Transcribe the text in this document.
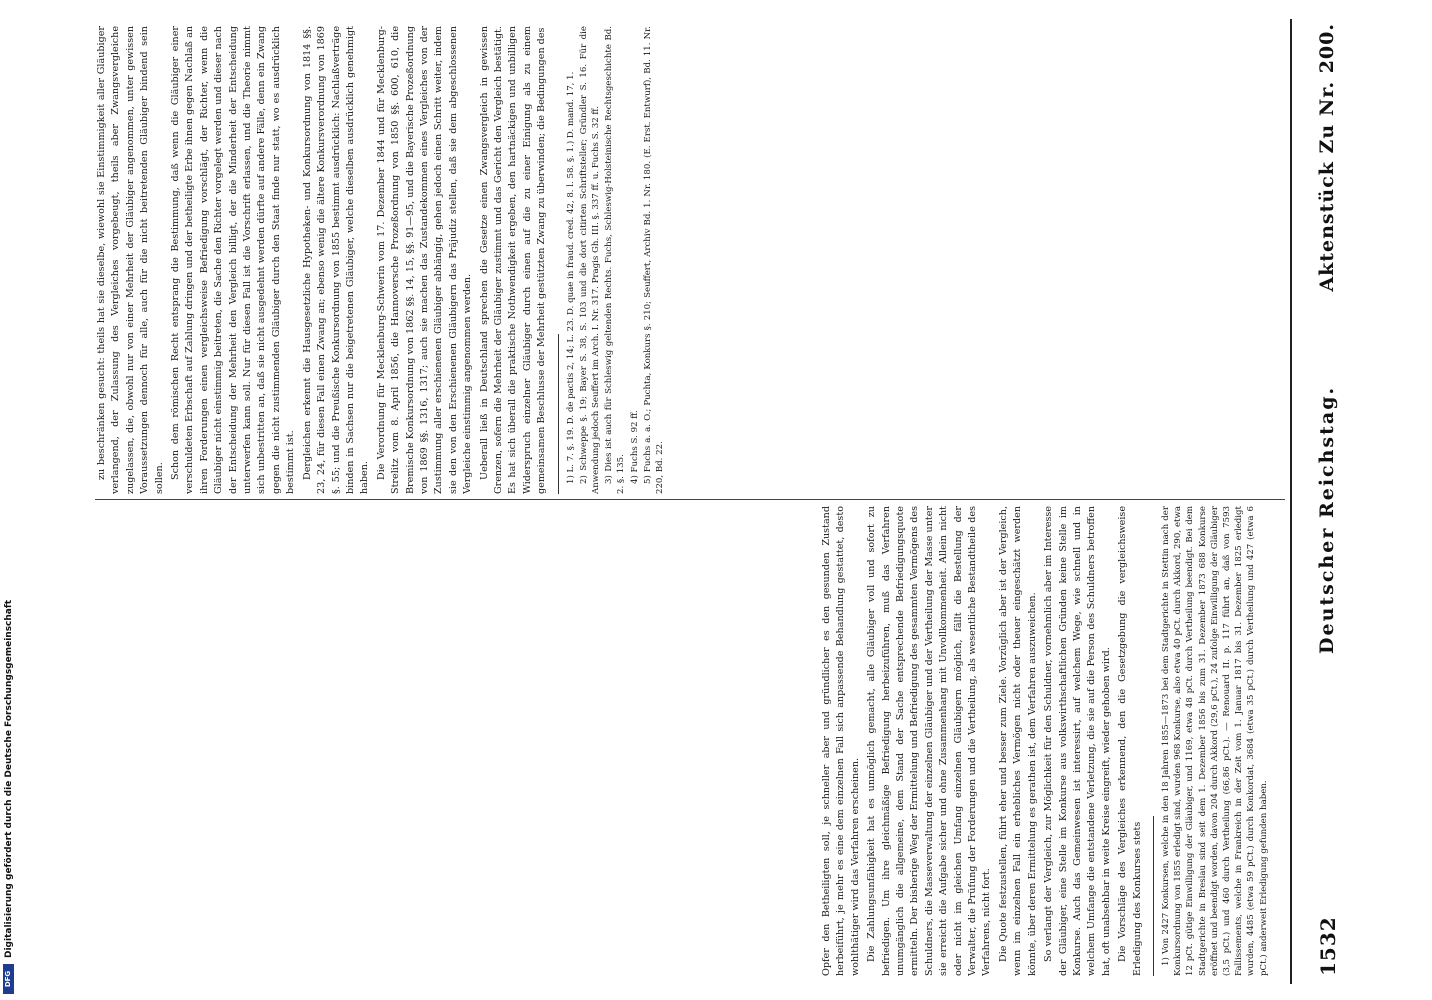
1532
Deutscher Reichstag.
Aktenstück Zu Nr. 200.

zu beschränken gesucht: theils hat sie dieselbe, wiewohl sie Einstimmigkeit aller Gläubiger verlangend, der Zulassung des Vergleiches vorgebeugt, theils aber Zwangsvergleiche zugelassen, die, obwohl nur von einer Mehrheit der Gläubiger angenommen, unter gewissen Voraussetzungen dennoch für alle, auch für die nicht beitretenden Gläubiger bindend sein sollen. Schon dem römischen Recht entsprang die Bestimmung, daß wenn die Gläubiger einer verschuldeten Erbschaft auf Zahlung dringen und der betheiligte Erbe ihnen gegen Nachlaß an ihren Forderungen einen vergleichsweise Befriedigung vorschlägt, der Richter, wenn die Gläubiger nicht einstimmig beitreten, die Sache den Richter vorgelegt werden und dieser nach der Entscheidung der Mehrheit den Vergleich billigt, der die Minderheit der Entscheidung unterwerfen kann soll. Nur für diesen Fall ist die Vorschrift erlassen, und die Theorie nimmt sich unbestritten an, daß sie nicht ausgedehnt werden dürfte auf andere Fälle, denn ein Zwang gegen die nicht zustimmenden Gläubiger durch den Staat finde nur statt, wo es ausdrücklich bestimmt ist. Dergleichen erkennt die Hausgesetzliche Hypotheken- und Konkursordnung von 1814 §§. 23, 24, für diesen Fall einen Zwang an; ebenso wenig die ältere Konkursverordnung von 1869 §. 55; und die Preußische Konkursordnung von 1855 bestimmt ausdrücklich: Nachlaßverträge binden in Sachsen nur die beigetretenen Gläubiger, welche dieselben ausdrücklich genehmigt haben. Die Verordnung für Mecklenburg-Schwerin vom 17. Dezember 1844 und für Mecklenburg-Strelitz vom 8. April 1856, die Hannoversche Prozeßordnung von 1850 §§. 600, 610, die Bremische Konkursordnung von 1862 §§. 14, 15, §§. 91—95, und die Bayerische Prozeßordnung von 1869 §§. 1316, 1317; auch sie machen das Zustandekommen eines Vergleiches von der Zustimmung aller erschienenen Gläubiger abhängig, gehen jedoch einen Schritt weiter, indem sie den von den Erschienenen Gläubigern das Präjudiz stellen, daß sie dem abgeschlossenen Vergleiche einstimmig angenommen werden. Ueberall ließ in Deutschland sprechen die Gesetze einen Zwangsvergleich in gewissen Grenzen, sofern die Mehrheit der Gläubiger zustimmt und das Gericht den Vergleich bestätigt. Es hat sich überall die praktische Nothwendigkeit ergeben, den hartnäckigen und unbilligen Widerspruch einzelner Gläubiger durch einen auf die zu einer Einigung als zu einem gemeinsamen Beschlusse der Mehrheit gestützten Zwang zu überwinden; die Bedingungen des 1) L. 7. §. 19. D. de pactis 2, 14; L. 23. D. quae in fraud. cred. 42, 8. l. 58. §. 1.) D. mand. 17, 1. 2) Schweppe §. 19; Bayer S. 38, S. 103 und die dort citirten Schriftsteller; Gründler S. 16. Für die Anwendung jedoch Seuffert im Arch. I. Nr. 317. Pragis Gh. III. §. 337 ff. u. Fuchs S. 32 ff. 3) Dies ist auch für Schleswig geltenden Rechts. Fuchs, Schleswig-Holsteinische Rechtsgeschichte Bd. 2. §. 135. 4) Fuchs S. 92 ff. 5) Fuchs a. a. O.; Puchta, Konkurs §. 210; Seuffert, Archiv Bd. 1. Nr. 180. (E. Erst. Entwurf), Bd. 11. Nr. 220, Bd. 22.

Opfer den Betheiligten soll, je schneller aber und gründlicher es den gesunden Zustand herbeiführt, je mehr es eine dem einzelnen Fall sich anpassende Behandlung gestattet, desto wohlthätiger wird das Verfahren erscheinen. Die Zahlungsunfähigkeit hat es unmöglich gemacht, alle Gläubiger voll und sofort zu befriedigen. Um ihre gleichmäßige Befriedigung herbeizuführen, muß das Verfahren unumgänglich die allgemeine, dem Stand der Sache entsprechende Befriedigungsquote ermitteln. Der bisherige Weg der Ermittelung und Befriedigung des gesammten Vermögens des Schuldners, die Masseverwaltung der einzelnen Gläubiger und der Vertheilung der Masse unter sie erreicht die Aufgabe sicher und ohne Zusammenhang mit Unvollkommenheit. Allein nicht oder nicht im gleichen Umfang einzelnen Gläubigern möglich, fällt die Bestellung der Verwalter, die Prüfung der Forderungen und die Vertheilung, als wesentliche Bestandtheile des Verfahrens, nicht fort. Die Quote festzustellen, führt eher und besser zum Ziele. Vorzüglich aber ist der Vergleich, wenn im einzelnen Fall ein erhebliches Vermögen nicht oder theuer eingeschätzt werden könnte, über deren Ermittelung es gerathen ist, dem Verfahren auszuweichen. So verlangt der Vergleich, zur Möglichkeit für den Schuldner, vornehmlich aber im Interesse der Gläubiger, eine Stelle im Konkurse aus volkswirthschaftlichen Gründen keine Stelle im Konkurse. Auch das Gemeinwesen ist interessirt, auf welchem Wege, wie schnell und in welchem Umfange die entstandene Verletzung, die sie auf die Person des Schuldners betroffen hat, oft unabsehbar in weite Kreise eingreift, wieder gehoben wird. Die Vorschläge des Vergleiches erkennend, den die Gesetzgebung die vergleichsweise Erledigung des Konkurses stets 1) Von 2427 Konkursen, welche in den 18 Jahren 1855—1873 bei dem Stadtgerichte in Stettin nach der Konkursordnung von 1855 erledigt sind, wurden 968 Konkurse, also etwa 40 pCt. durch Akkord, 290, etwa 12 pCt. gütige Einwilligung der Gläubiger, und 1169, etwa 48 pCt. durch Vertheilung beendigt. Bei dem Stadtgerichte in Breslau sind seit dem 1. Dezember 1856 bis zum 31. Dezember 1873 688 Konkurse eröffnet und beendigt worden, davon 204 durch Akkord (29,6 pCt.), 24 zufolge Einwilligung der Gläubiger (3,5 pCt.) und 460 durch Vertheilung (66,86 pCt.). — Renouard II. p. 117 führt an, daß von 7593 Fallissements, welche in Frankreich in der Zeit vom 1. Januar 1817 bis 31. Dezember 1825 erledigt wurden, 4485 (etwa 59 pCt.) durch Konkordat, 3684 (etwa 35 pCt.) durch Vertheilung und 427 (etwa 6 pCt.) anderweit Erledigung gefunden haben.

DFG
Digitalisierung gefördert durch die Deutsche Forschungsgemeinschaft
